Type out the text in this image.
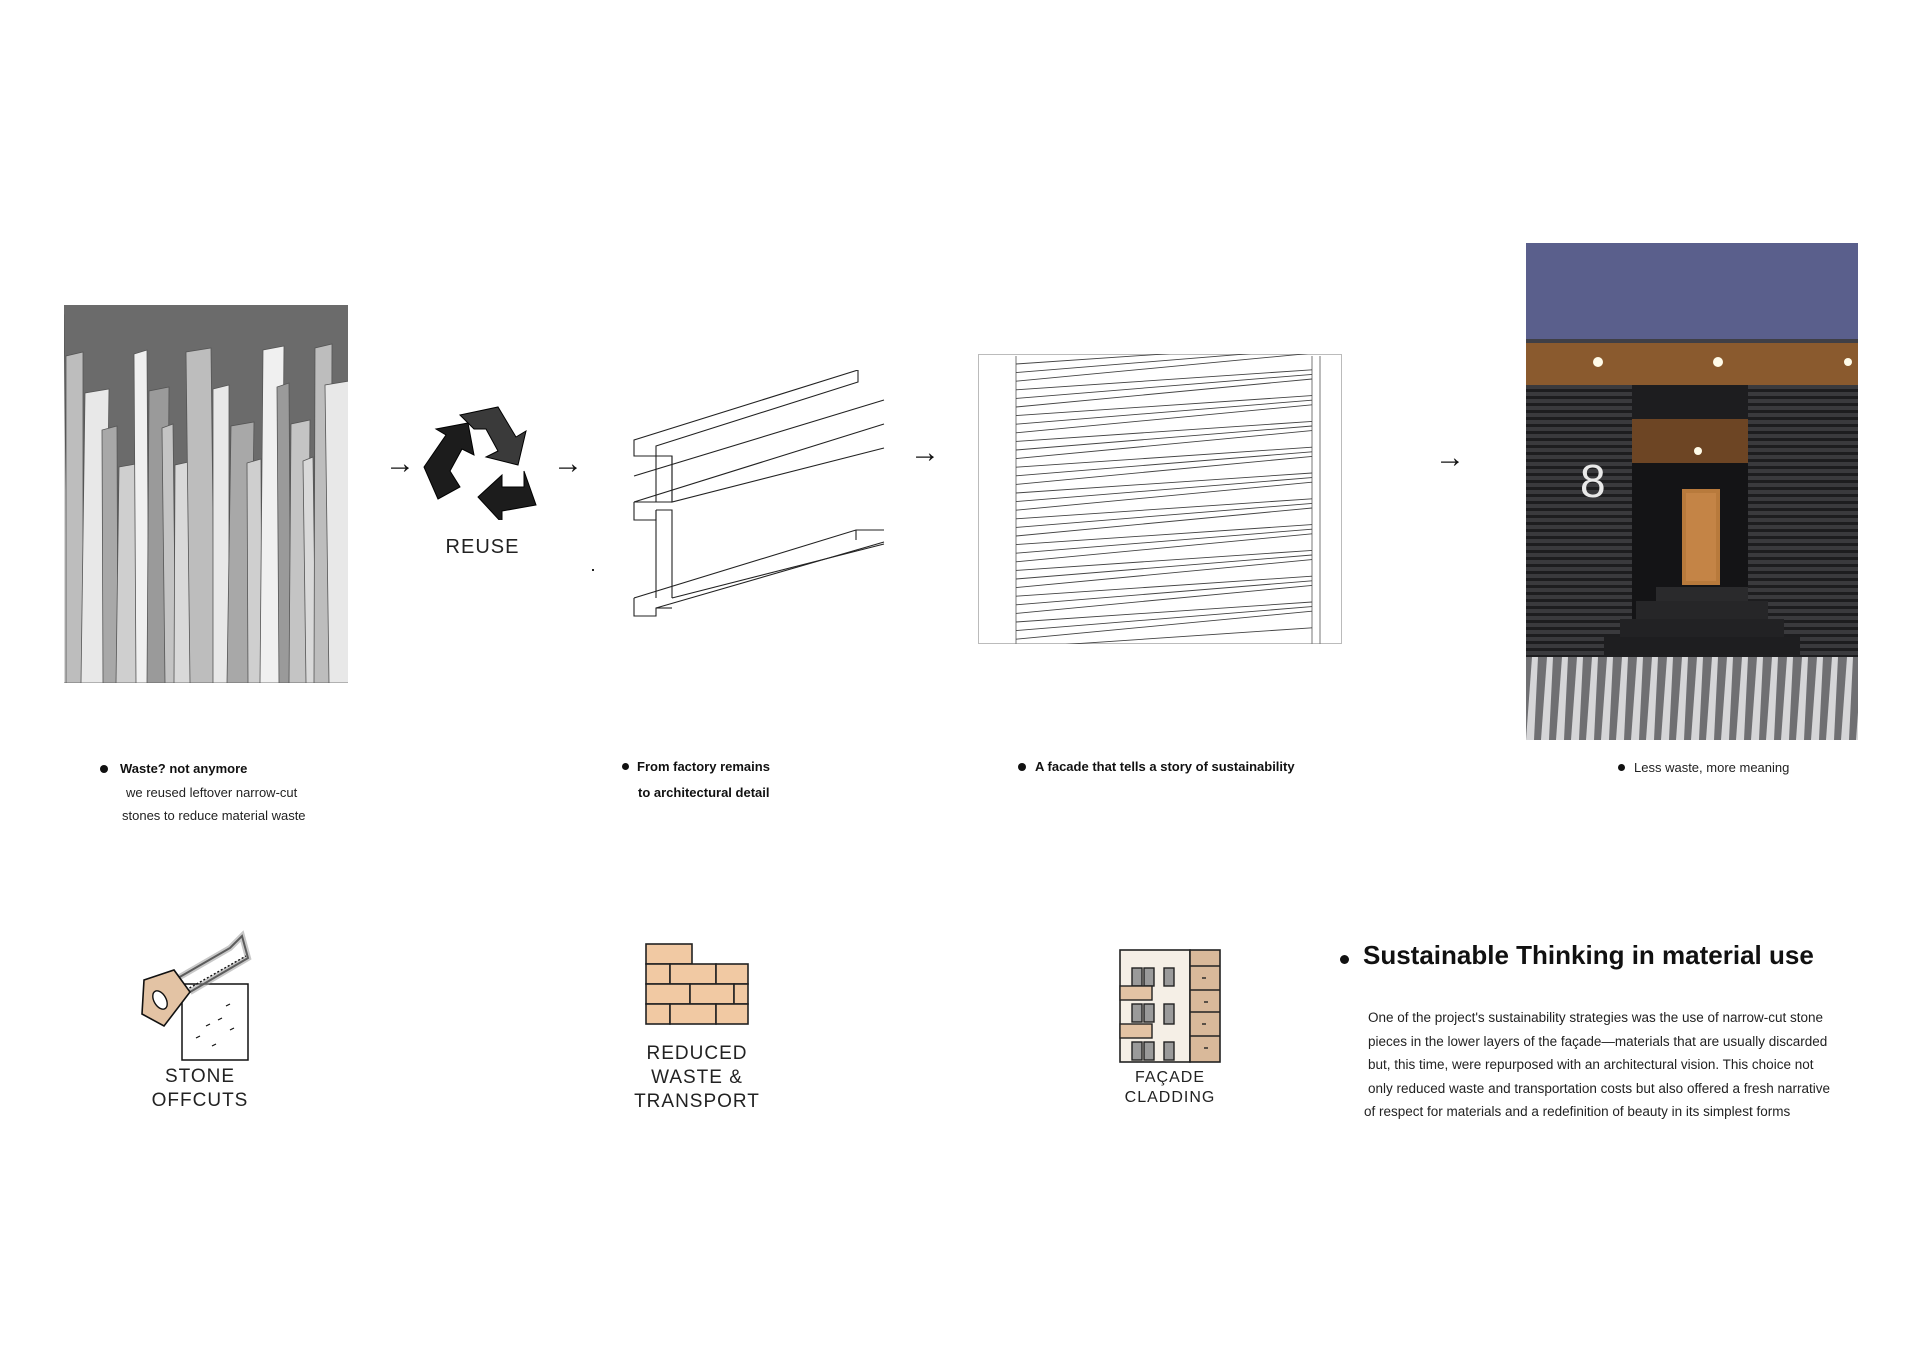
→
REUSE
→	→	→	8
Waste? not anymore
we reused leftover narrow-cut
stones to reduce material waste
From factory remains
to architectural detail
A facade that tells a story of sustainability	Less waste, more meaning
STONE
OFFCUTS
REDUCED
WASTE &
TRANSPORT
FAÇADE
CLADDING
Sustainable Thinking in material use
One of the project's sustainability strategies was the use of narrow-cut stone
pieces in the lower layers of the façade—materials that are usually discarded
but, this time, were repurposed with an architectural vision. This choice not
only reduced waste and transportation costs but also offered a fresh narrative
of respect for materials and a redefinition of beauty in its simplest forms
